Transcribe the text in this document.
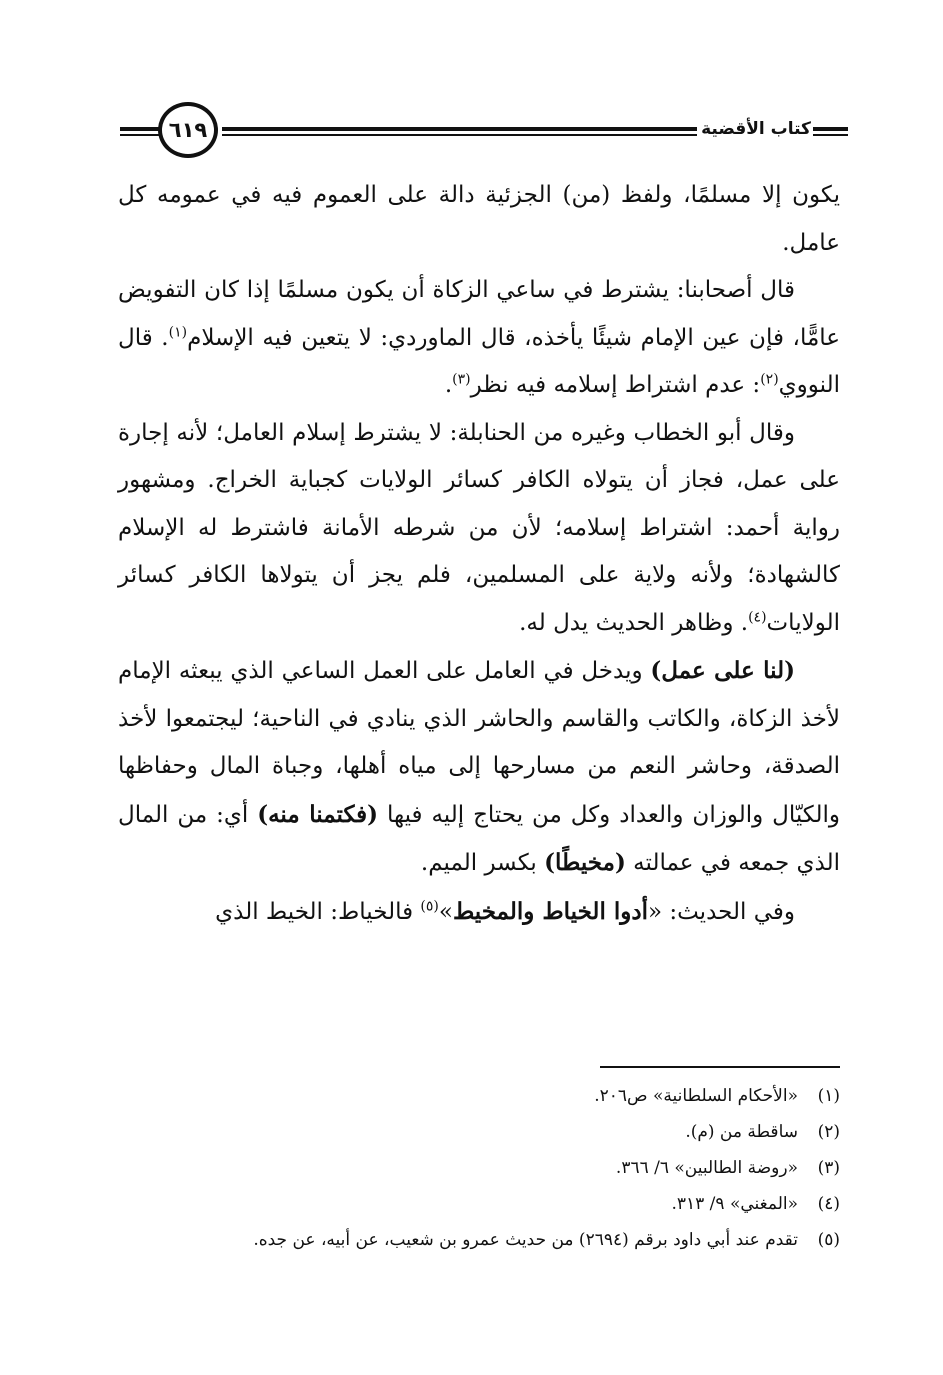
٦١٩	كتاب الأقضية

يكون إلا مسلمًا، ولفظ (من) الجزئية دالة على العموم فيه في عمومه كل عامل.

قال أصحابنا: يشترط في ساعي الزكاة أن يكون مسلمًا إذا كان التفويض عامًّا، فإن عين الإمام شيئًا يأخذه، قال الماوردي: لا يتعين فيه الإسلام$^{(١)}$. قال النووي$^{(٢)}$: عدم اشتراط إسلامه فيه نظر$^{(٣)}$.

وقال أبو الخطاب وغيره من الحنابلة: لا يشترط إسلام العامل؛ لأنه إجارة على عمل، فجاز أن يتولاه الكافر كسائر الولايات كجباية الخراج. ومشهور رواية أحمد: اشتراط إسلامه؛ لأن من شرطه الأمانة فاشترط له الإسلام كالشهادة؛ ولأنه ولاية على المسلمين، فلم يجز أن يتولاها الكافر كسائر الولايات$^{(٤)}$. وظاهر الحديث يدل له.

(لنا على عمل) ويدخل في العامل على العمل الساعي الذي يبعثه الإمام لأخذ الزكاة، والكاتب والقاسم والحاشر الذي ينادي في الناحية؛ ليجتمعوا لأخذ الصدقة، وحاشر النعم من مسارحها إلى مياه أهلها، وجباة المال وحفاظها والكيّال والوزان والعداد وكل من يحتاج إليه فيها (فكتمنا منه) أي: من المال الذي جمعه في عمالته (مخيطًا) بكسر الميم.

وفي الحديث: «أدوا الخياط والمخيط»$^{(٥)}$ فالخياط: الخيط الذي

(١)«الأحكام السلطانية» ص٢٠٦.
(٢)ساقطة من (م).
(٣)«روضة الطالبين» ٦/ ٣٦٦.
(٤)«المغني» ٩/ ٣١٣.
(٥)تقدم عند أبي داود برقم (٢٦٩٤) من حديث عمرو بن شعيب، عن أبيه، عن جده.
